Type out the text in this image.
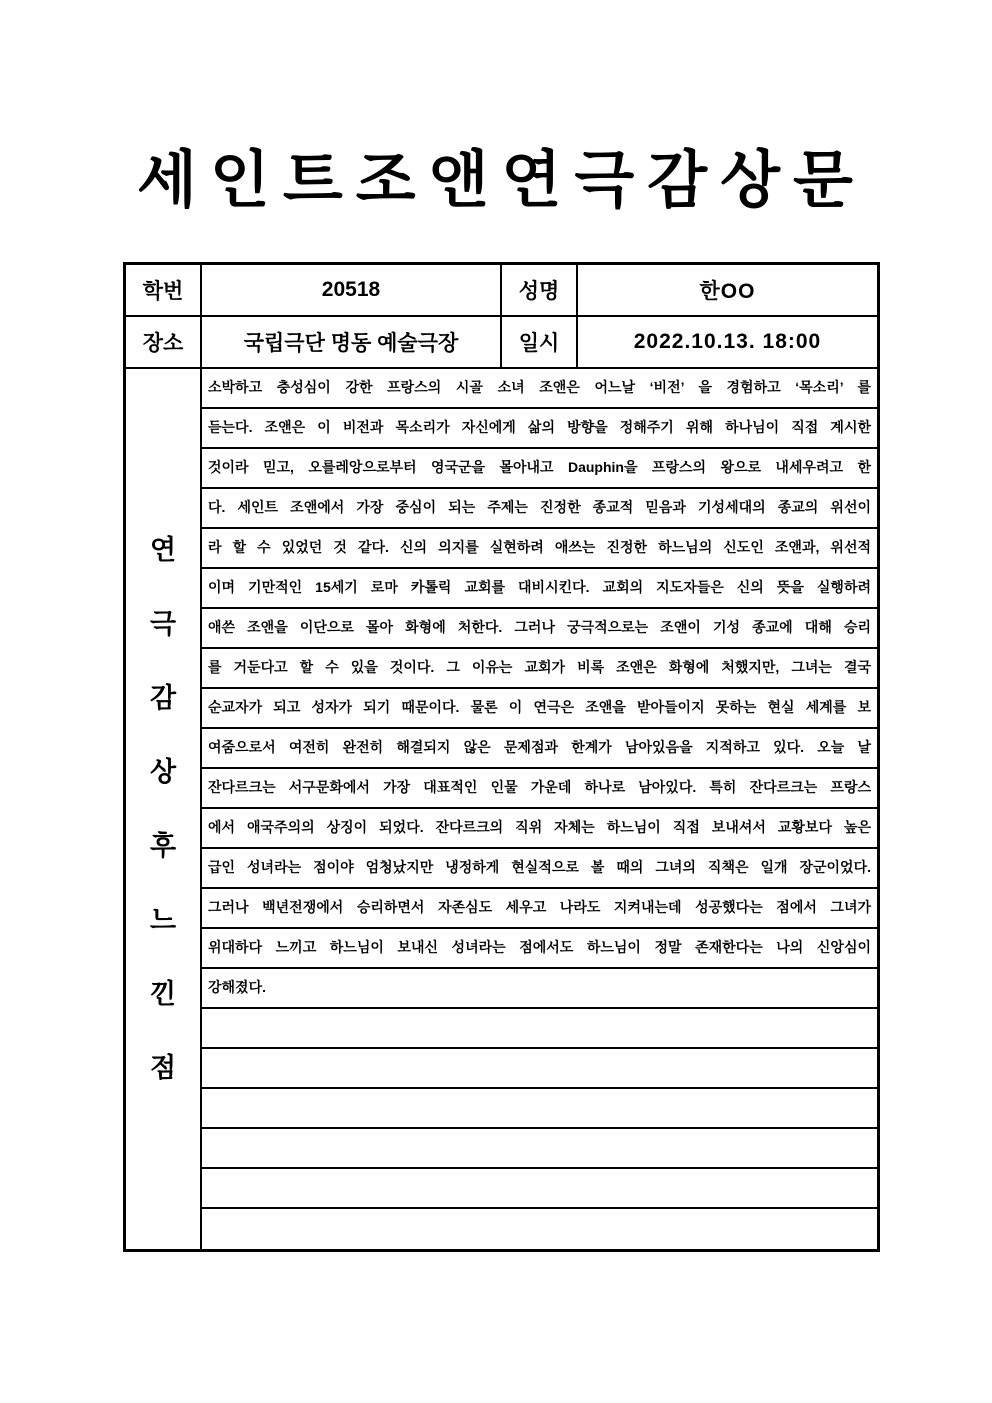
세인트조앤연극감상문
학번	20518	성명	한OO
장소	국립극단 명동 예술극장	일시	2022.10.13. 18:00
연
극
감
상
후
느
낀
점
소박하고 충성심이 강한 프랑스의 시골 소녀 조앤은 어느날 ‘비전’ 을 경험하고 ‘목소리’ 를
듣는다. 조앤은 이 비전과 목소리가 자신에게 삶의 방향을 정해주기 위해 하나님이 직접 계시한
것이라 믿고, 오를레앙으로부터 영국군을 몰아내고 Dauphin을 프랑스의 왕으로 내세우려고 한
다. 세인트 조앤에서 가장 중심이 되는 주제는 진정한 종교적 믿음과 기성세대의 종교의 위선이
라 할 수 있었던 것 같다. 신의 의지를 실현하려 애쓰는 진정한 하느님의 신도인 조앤과, 위선적
이며 기만적인 15세기 로마 카톨릭 교회를 대비시킨다. 교회의 지도자들은 신의 뜻을 실행하려
애쓴 조앤을 이단으로 몰아 화형에 처한다. 그러나 궁극적으로는 조앤이 기성 종교에 대해 승리
를 거둔다고 할 수 있을 것이다. 그 이유는 교회가 비록 조앤은 화형에 처했지만, 그녀는 결국
순교자가 되고 성자가 되기 때문이다. 물론 이 연극은 조앤을 받아들이지 못하는 현실 세계를 보
여줌으로서 여전히 완전히 해결되지 않은 문제점과 한계가 남아있음을 지적하고 있다. 오늘 날
잔다르크는 서구문화에서 가장 대표적인 인물 가운데 하나로 남아있다. 특히 잔다르크는 프랑스
에서 애국주의의 상징이 되었다. 잔다르크의 직위 자체는 하느님이 직접 보내셔서 교황보다 높은
급인 성녀라는 점이야 엄청났지만 냉정하게 현실적으로 볼 때의 그녀의 직책은 일개 장군이었다.
그러나 백년전쟁에서 승리하면서 자존심도 세우고 나라도 지켜내는데 성공했다는 점에서 그녀가
위대하다 느끼고 하느님이 보내신 성녀라는 점에서도 하느님이 정말 존재한다는 나의 신앙심이
강해졌다.
